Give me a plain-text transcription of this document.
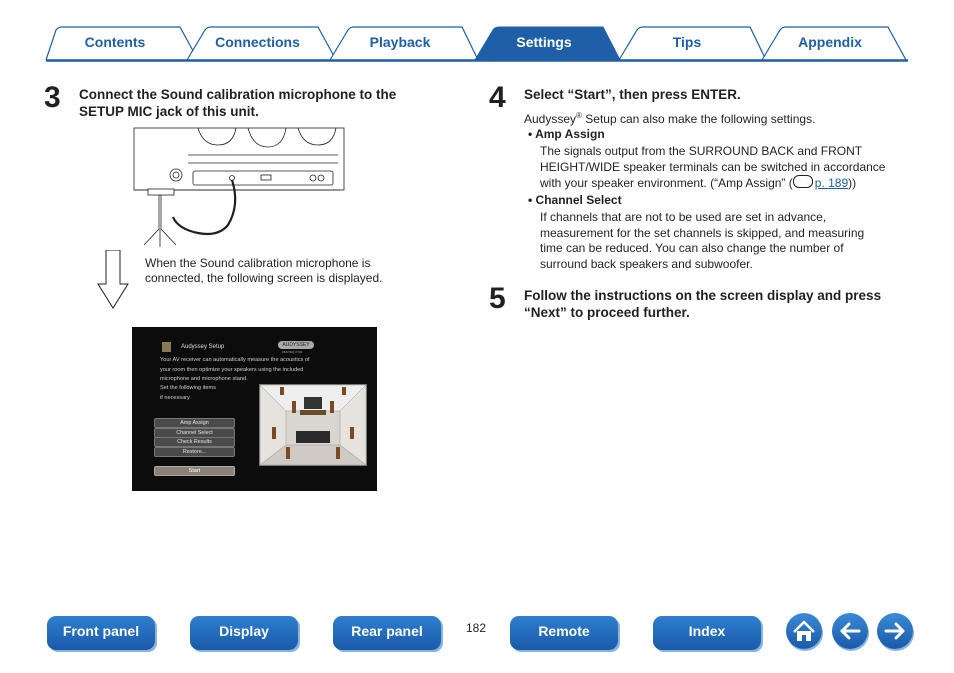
Contents	Connections	Playback	Settings	Tips	Appendix
3 Connect the Sound calibration microphone to the
SETUP MIC jack of this unit.
When the Sound calibration microphone is
connected, the following screen is displayed.
Audyssey Setup	AUDYSSEY
MULTEQ XT32
Your AV receiver can automatically measure the acoustics of
your room then optimize your speakers using the included
microphone and microphone stand.
Set the following items
if necessary.
Amp Assign
Channel Select
Check Results
Restore...
Start
4 Select “Start”, then press ENTER.
Audyssey® Setup can also make the following settings.
• Amp Assign
The signals output from the SURROUND BACK and FRONT
HEIGHT/WIDE speaker terminals can be switched in accordance
with your speaker environment. (“Amp Assign” ( p. 189))
• Channel Select
If channels that are not to be used are set in advance,
measurement for the set channels is skipped, and measuring
time can be reduced. You can also change the number of
surround back speakers and subwoofer.
5 Follow the instructions on the screen display and press
“Next” to proceed further.
Front panel	Display	Rear panel	182	Remote	Index
